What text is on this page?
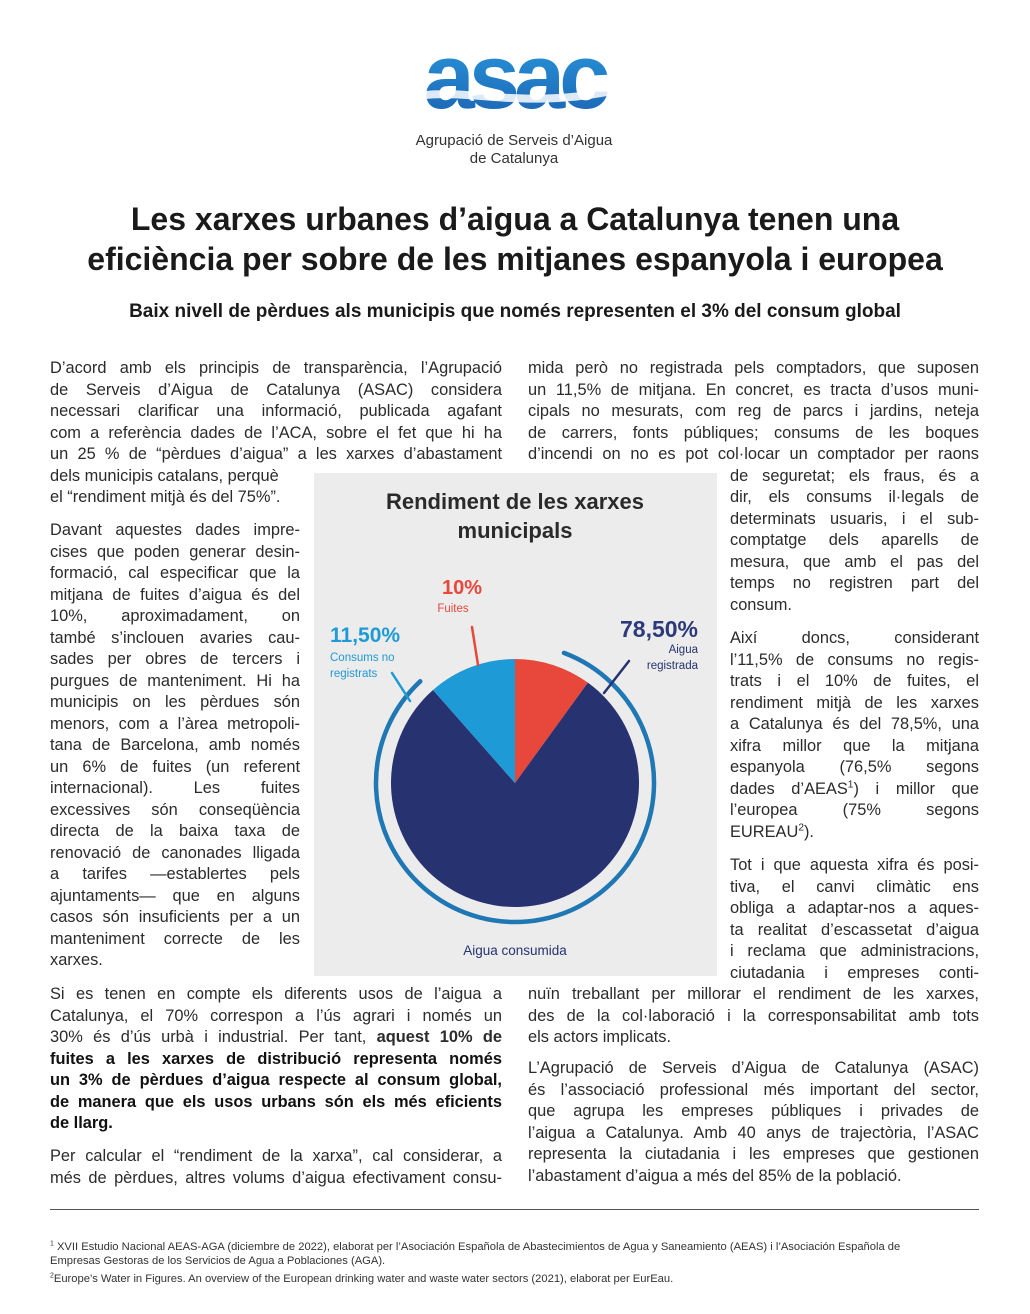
asac
Agrupació de Serveis d’Aigua
de Catalunya
Les xarxes urbanes d’aigua a Catalunya tenen una
eficiència per sobre de les mitjanes espanyola i europea
Baix nivell de pèrdues als municipis que només representen el 3% del consum global

D’acord amb els principis de transparència, l’Agrupació

de Serveis d’Aigua de Catalunya (ASAC) considera

necessari clarificar una informació, publicada agafant

com a referència dades de l’ACA, sobre el fet que hi ha

un 25 % de “pèrdues d’aigua” a les xarxes d’abastament

dels municipis catalans, perquè

el “rendiment mitjà és del 75%”.

Davant aquestes dades impre-

cises que poden generar desin-

formació, cal especificar que la

mitjana de fuites d’aigua és del

10%, aproximadament, on

també s’inclouen avaries cau-

sades per obres de tercers i

purgues de manteniment. Hi ha

municipis on les pèrdues són

menors, com a l’àrea metropoli-

tana de Barcelona, amb només

un 6% de fuites (un referent

internacional). Les fuites

excessives són conseqüència

directa de la baixa taxa de

renovació de canonades lligada

a tarifes —establertes pels

ajuntaments— que en alguns

casos són insuficients per a un

manteniment correcte de les

xarxes.

Si es tenen en compte els diferents usos de l’aigua a

Catalunya, el 70% correspon a l’ús agrari i només un

30% és d’ús urbà i industrial. Per tant, aquest 10% de

fuites a les xarxes de distribució representa només

un 3% de pèrdues d’aigua respecte al consum global,

de manera que els usos urbans són els més eficients

de llarg.

Per calcular el “rendiment de la xarxa”, cal considerar, a

més de pèrdues, altres volums d’aigua efectivament consu-

mida però no registrada pels comptadors, que suposen

un 11,5% de mitjana. En concret, es tracta d’usos muni-

cipals no mesurats, com reg de parcs i jardins, neteja

de carrers, fonts públiques; consums de les boques

d’incendi on no es pot col·locar un comptador per raons

de seguretat; els fraus, és a

dir, els consums il·legals de

determinats usuaris, i el sub-

comptatge dels aparells de

mesura, que amb el pas del

temps no registren part del

consum.

Així doncs, considerant

l’11,5% de consums no regis-

trats i el 10% de fuites, el

rendiment mitjà de les xarxes

a Catalunya és del 78,5%, una

xifra millor que la mitjana

espanyola (76,5% segons

dades d’AEAS$^1$) i millor que

l’europea (75% segons

EUREAU$^2$).

Tot i que aquesta xifra és posi-

tiva, el canvi climàtic ens

obliga a adaptar-nos a aques-

ta realitat d’escassetat d’aigua

i reclama que administracions,

ciutadania i empreses conti-

nuïn treballant per millorar el rendiment de les xarxes,

des de la col·laboració i la corresponsabilitat amb tots

els actors implicats.

L’Agrupació de Serveis d’Aigua de Catalunya (ASAC)

és l’associació professional més important del sector,

que agrupa les empreses públiques i privades de

l’aigua a Catalunya. Amb 40 anys de trajectòria, l’ASAC

representa la ciutadania i les empreses que gestionen

l’abastament d’aigua a més del 85% de la població.

Rendiment de les xarxes
municipals
10%
Fuites
11,50%
Consums no
registrats
78,50%
Aigua
registrada
Aigua consumida

$^1$ XVII Estudio Nacional AEAS-AGA (diciembre de 2022), elaborat per l’Asociación Española de Abastecimientos de Agua y Saneamiento (AEAS) i l’Asociación Española de

Empresas Gestoras de los Servicios de Agua a Poblaciones (AGA).

$^2$Europe’s Water in Figures. An overview of the European drinking water and waste water sectors (2021), elaborat per EurEau.
